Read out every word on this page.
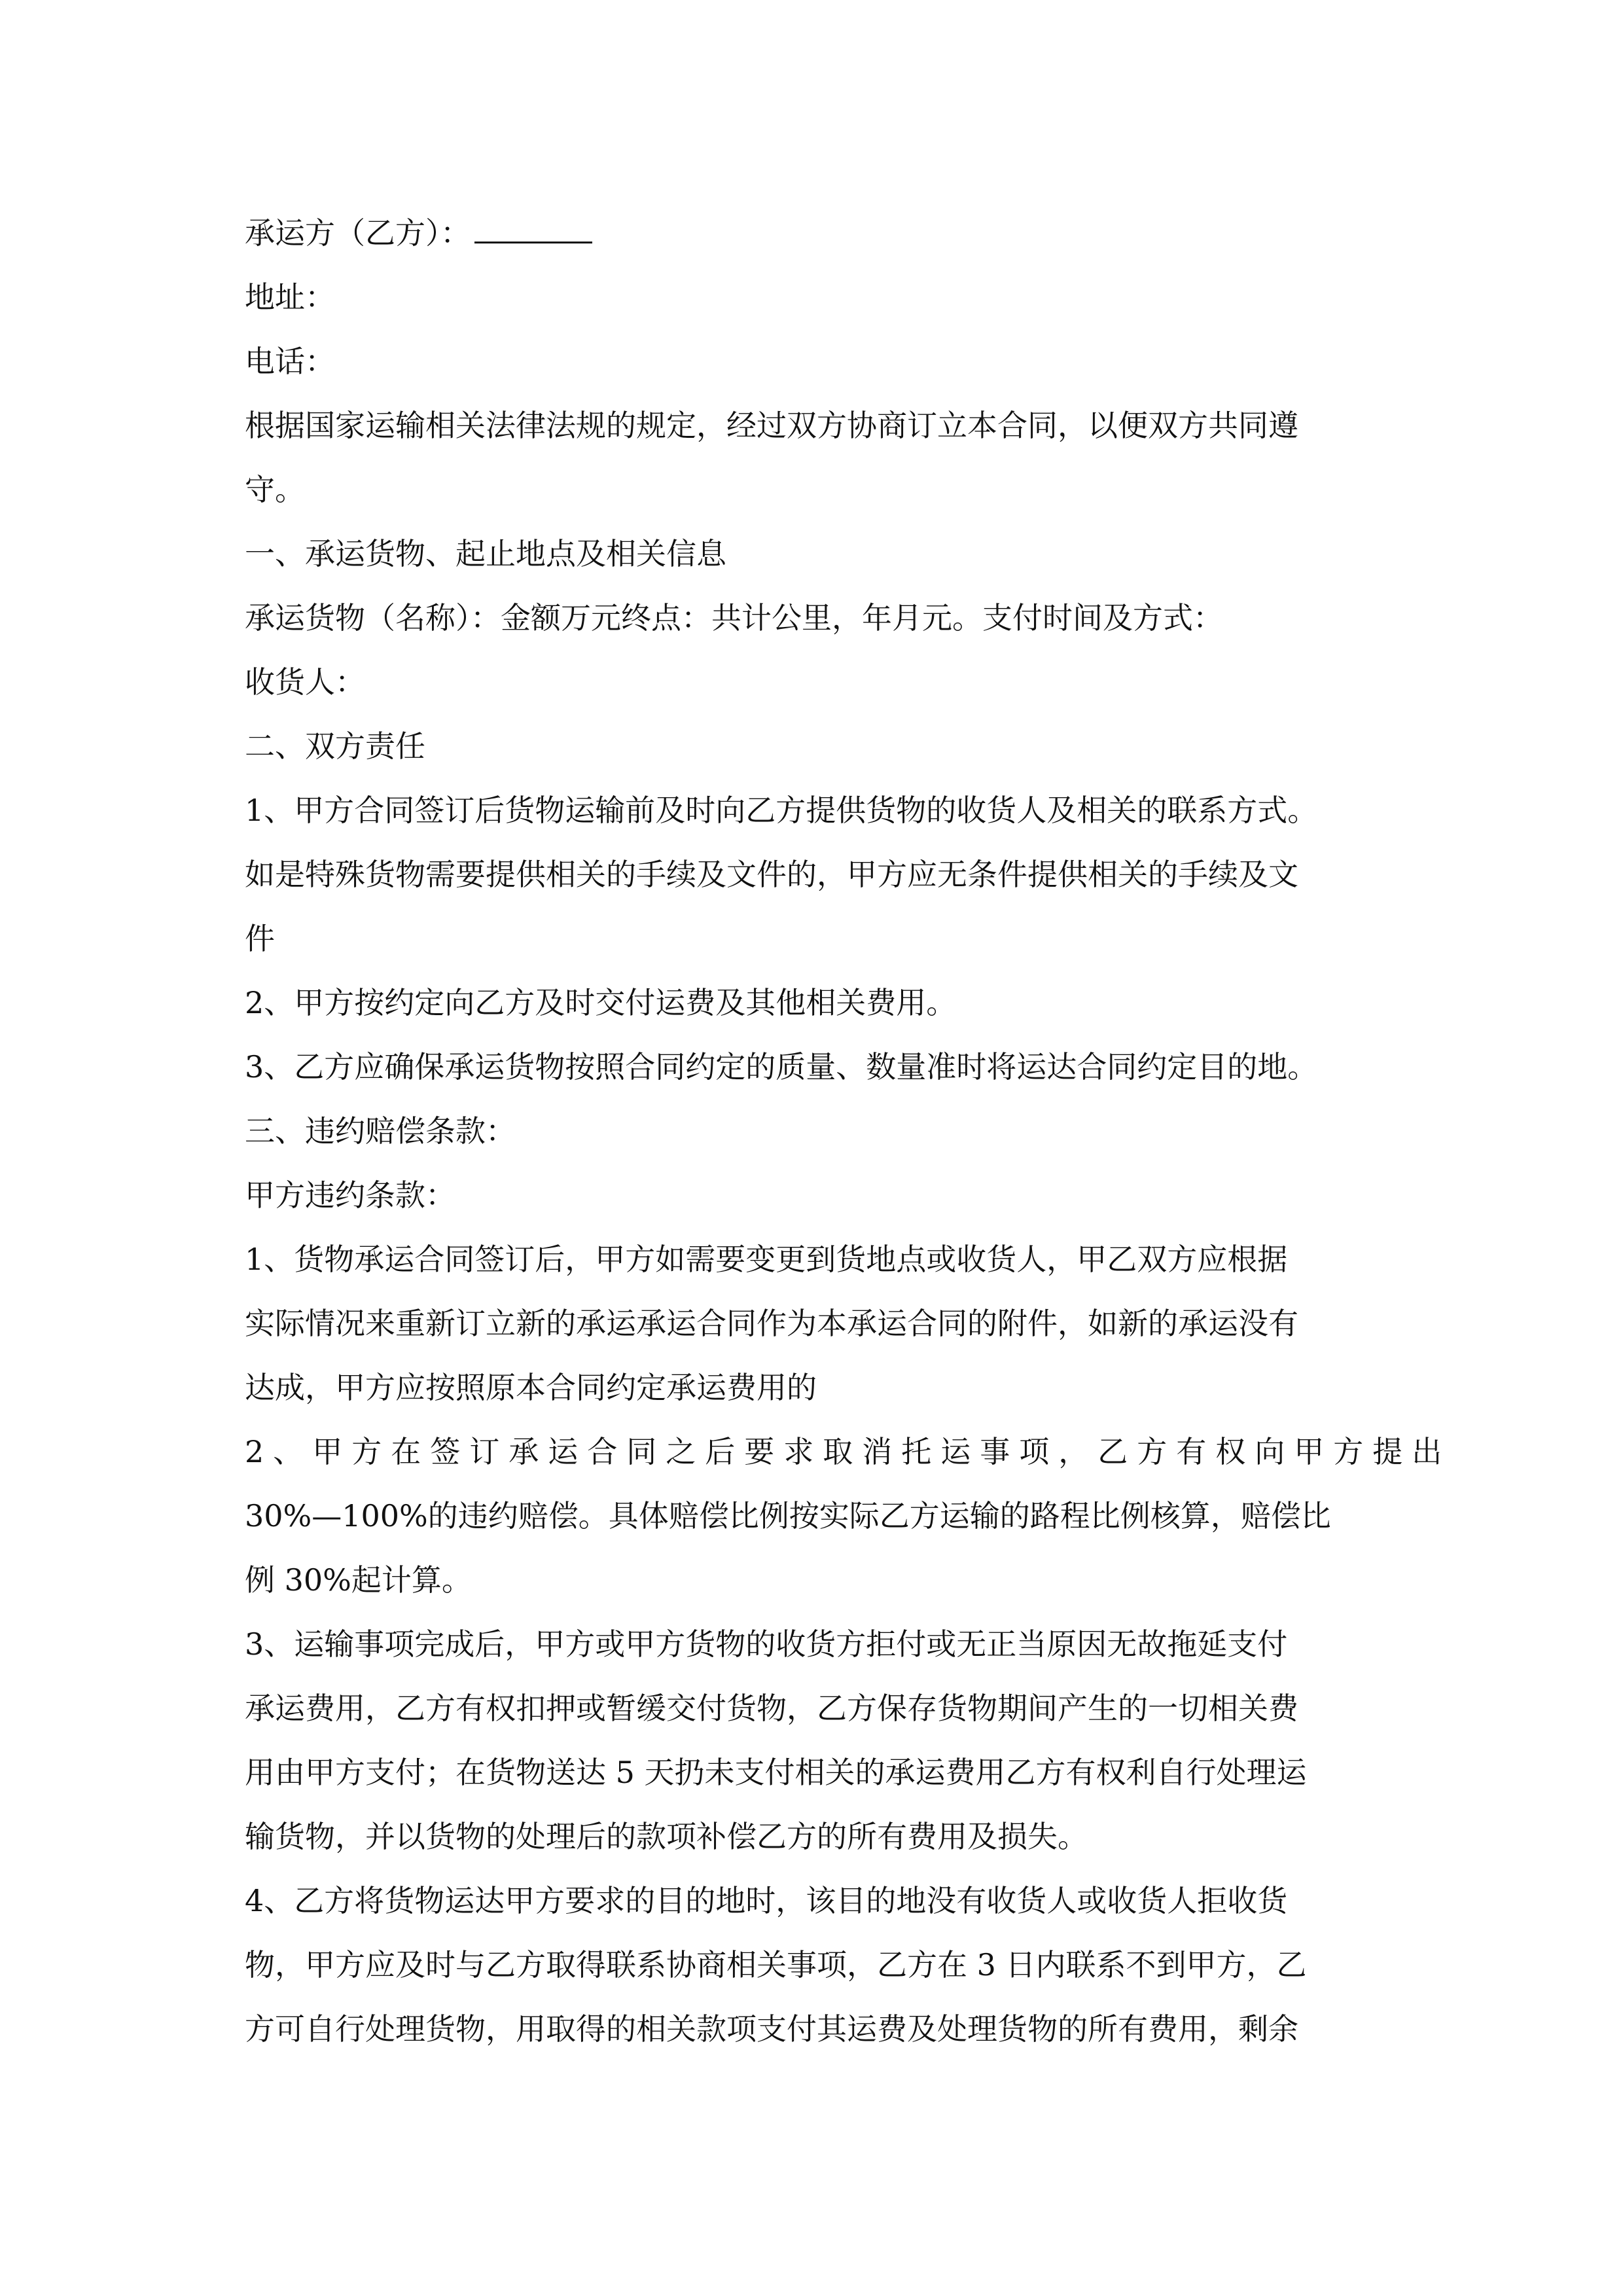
承运方（乙方）：
地址：
电话：
根据国家运输相关法律法规的规定，经过双方协商订立本合同，以便双方共同遵
守。
一、承运货物、起止地点及相关信息
承运货物（名称）：金额万元终点：共计公里，年月元。支付时间及方式：
收货人：
二、双方责任
1、甲方合同签订后货物运输前及时向乙方提供货物的收货人及相关的联系方式。
如是特殊货物需要提供相关的手续及文件的，甲方应无条件提供相关的手续及文
件
2、甲方按约定向乙方及时交付运费及其他相关费用。
3、乙方应确保承运货物按照合同约定的质量、数量准时将运达合同约定目的地。
三、违约赔偿条款：
甲方违约条款：
1、货物承运合同签订后，甲方如需要变更到货地点或收货人，甲乙双方应根据
实际情况来重新订立新的承运承运合同作为本承运合同的附件，如新的承运没有
达成，甲方应按照原本合同约定承运费用的
2、甲方在签订承运合同之后要求取消托运事项，乙方有权向甲方提出
30%—100%的违约赔偿。具体赔偿比例按实际乙方运输的路程比例核算，赔偿比
例 30%起计算。
3、运输事项完成后，甲方或甲方货物的收货方拒付或无正当原因无故拖延支付
承运费用，乙方有权扣押或暂缓交付货物，乙方保存货物期间产生的一切相关费
用由甲方支付；在货物送达 5 天扔未支付相关的承运费用乙方有权利自行处理运
输货物，并以货物的处理后的款项补偿乙方的所有费用及损失。
4、乙方将货物运达甲方要求的目的地时，该目的地没有收货人或收货人拒收货
物，甲方应及时与乙方取得联系协商相关事项，乙方在 3 日内联系不到甲方，乙
方可自行处理货物，用取得的相关款项支付其运费及处理货物的所有费用，剩余
